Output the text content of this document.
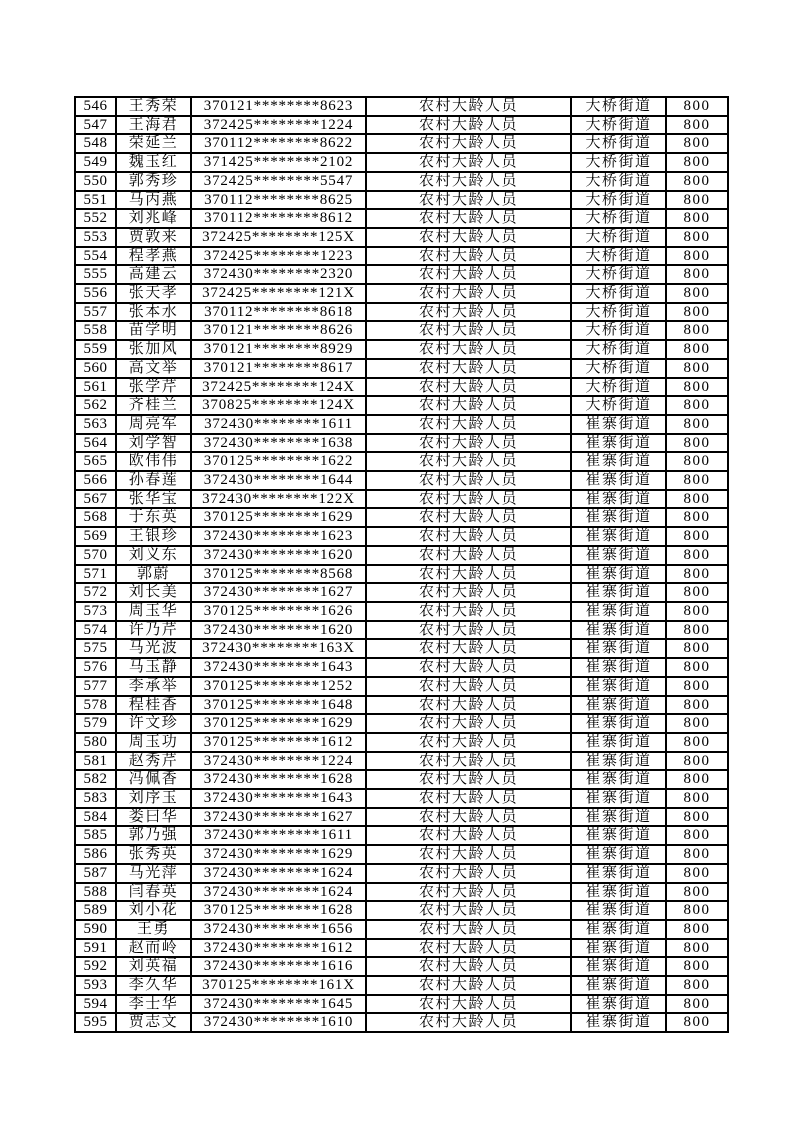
546	王秀荣	370121********8623	农村大龄人员	大桥街道	800
547	王海君	372425********1224	农村大龄人员	大桥街道	800
548	荣延兰	370112********8622	农村大龄人员	大桥街道	800
549	魏玉红	371425********2102	农村大龄人员	大桥街道	800
550	郭秀珍	372425********5547	农村大龄人员	大桥街道	800
551	马丙燕	370112********8625	农村大龄人员	大桥街道	800
552	刘兆峰	370112********8612	农村大龄人员	大桥街道	800
553	贾敦来	372425********125X	农村大龄人员	大桥街道	800
554	程孝燕	372425********1223	农村大龄人员	大桥街道	800
555	高建云	372430********2320	农村大龄人员	大桥街道	800
556	张天孝	372425********121X	农村大龄人员	大桥街道	800
557	张本水	370112********8618	农村大龄人员	大桥街道	800
558	苗学明	370121********8626	农村大龄人员	大桥街道	800
559	张加风	370121********8929	农村大龄人员	大桥街道	800
560	高文举	370121********8617	农村大龄人员	大桥街道	800
561	张学芹	372425********124X	农村大龄人员	大桥街道	800
562	齐桂兰	370825********124X	农村大龄人员	大桥街道	800
563	周亮军	372430********1611	农村大龄人员	崔寨街道	800
564	刘学智	372430********1638	农村大龄人员	崔寨街道	800
565	欧伟伟	370125********1622	农村大龄人员	崔寨街道	800
566	孙春莲	372430********1644	农村大龄人员	崔寨街道	800
567	张华宝	372430********122X	农村大龄人员	崔寨街道	800
568	于东英	370125********1629	农村大龄人员	崔寨街道	800
569	王银珍	372430********1623	农村大龄人员	崔寨街道	800
570	刘义东	372430********1620	农村大龄人员	崔寨街道	800
571	郭蔚	370125********8568	农村大龄人员	崔寨街道	800
572	刘长美	372430********1627	农村大龄人员	崔寨街道	800
573	周玉华	370125********1626	农村大龄人员	崔寨街道	800
574	许乃芹	372430********1620	农村大龄人员	崔寨街道	800
575	马光波	372430********163X	农村大龄人员	崔寨街道	800
576	马玉静	372430********1643	农村大龄人员	崔寨街道	800
577	李承举	370125********1252	农村大龄人员	崔寨街道	800
578	程桂香	370125********1648	农村大龄人员	崔寨街道	800
579	许文珍	370125********1629	农村大龄人员	崔寨街道	800
580	周玉功	370125********1612	农村大龄人员	崔寨街道	800
581	赵秀芹	372430********1224	农村大龄人员	崔寨街道	800
582	冯佩香	372430********1628	农村大龄人员	崔寨街道	800
583	刘序玉	372430********1643	农村大龄人员	崔寨街道	800
584	娄曰华	372430********1627	农村大龄人员	崔寨街道	800
585	郭乃强	372430********1611	农村大龄人员	崔寨街道	800
586	张秀英	372430********1629	农村大龄人员	崔寨街道	800
587	马光萍	372430********1624	农村大龄人员	崔寨街道	800
588	闫春英	372430********1624	农村大龄人员	崔寨街道	800
589	刘小花	370125********1628	农村大龄人员	崔寨街道	800
590	王勇	372430********1656	农村大龄人员	崔寨街道	800
591	赵而岭	372430********1612	农村大龄人员	崔寨街道	800
592	刘英福	372430********1616	农村大龄人员	崔寨街道	800
593	李久华	370125********161X	农村大龄人员	崔寨街道	800
594	李士华	372430********1645	农村大龄人员	崔寨街道	800
595	贾志文	372430********1610	农村大龄人员	崔寨街道	800
